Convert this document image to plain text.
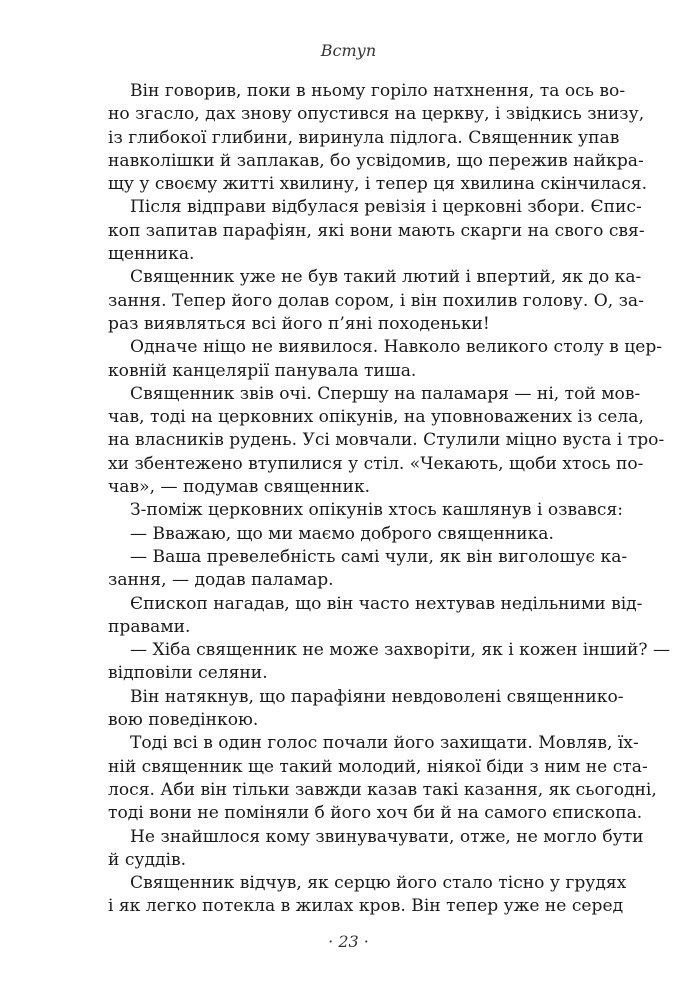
Вступ
Він говорив, поки в ньому горіло натхнення, та ось во-
но згасло, дах знову опустився на церкву, і звідкись знизу,
із глибокої глибини, виринула підлога. Священник упав
навколішки й заплакав, бо усвідомив, що пережив найкра-
щу у своєму житті хвилину, і тепер ця хвилина скінчилася.
Після відправи відбулася ревізія і церковні збори. Єпис-
коп запитав парафіян, які вони мають скарги на свого свя-
щенника.
Священник уже не був такий лютий і впертий, як до ка-
зання. Тепер його долав сором, і він похилив голову. О, за-
раз виявляться всі його п’яні походеньки!
Одначе ніщо не виявилося. Навколо великого столу в цер-
ковній канцелярії панувала тиша.
Священник звів очі. Спершу на паламаря — ні, той мов-
чав, тоді на церковних опікунів, на уповноважених із села,
на власників рудень. Усі мовчали. Стулили міцно вуста і тро-
хи збентежено втупилися у стіл. «Чекають, щоби хтось по-
чав», — подумав священник.
З-поміж церковних опікунів хтось кашлянув і озвався:
— Вважаю, що ми маємо доброго священника.
— Ваша превелебність самі чули, як він виголошує ка-
зання, — додав паламар.
Єпископ нагадав, що він часто нехтував недільними від-
правами.
— Хіба священник не може захворіти, як і кожен інший? —
відповіли селяни.
Він натякнув, що парафіяни невдоволені священнико-
вою поведінкою.
Тоді всі в один голос почали його захищати. Мовляв, їх-
ній священник ще такий молодий, ніякої біди з ним не ста-
лося. Аби він тільки завжди казав такі казання, як сьогодні,
тоді вони не поміняли б його хоч би й на самого єпископа.
Не знайшлося кому звинувачувати, отже, не могло бути
й суддів.
Священник відчув, як серцю його стало тісно у грудях
і як легко потекла в жилах кров. Він тепер уже не серед
· 23 ·
